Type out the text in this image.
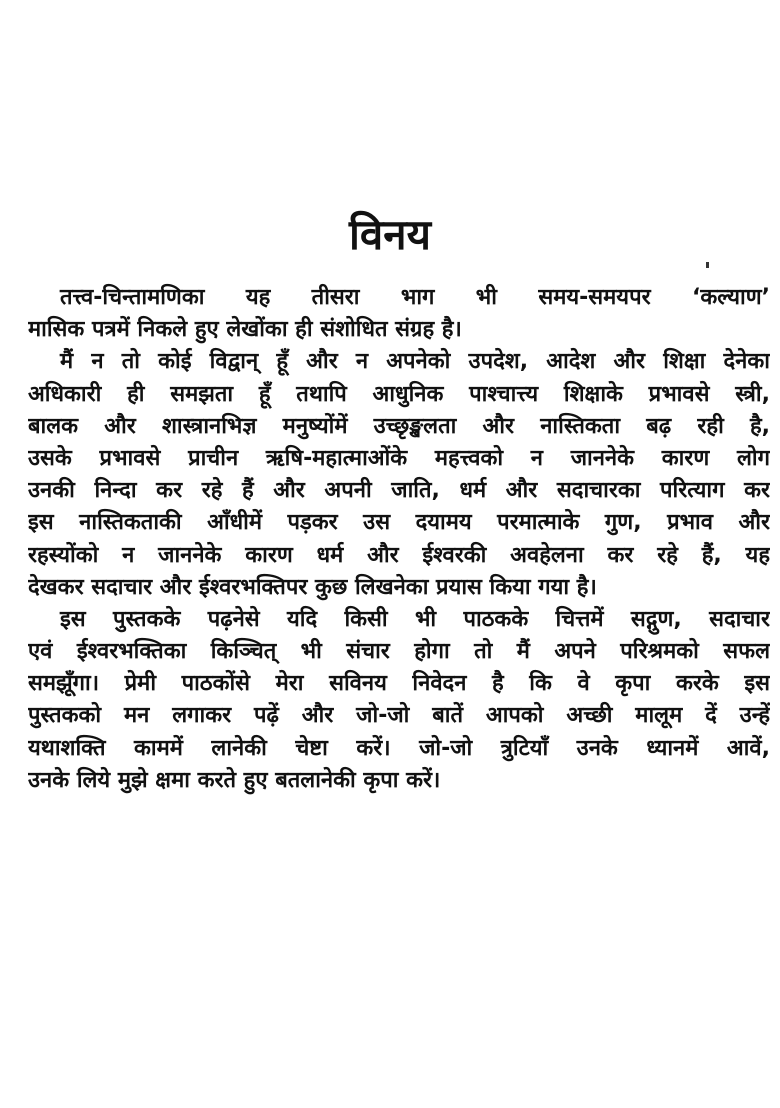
विनय
तत्त्व-चिन्तामणिका यह तीसरा भाग भी समय-समयपर ‘कल्याण’
मासिक पत्रमें निकले हुए लेखोंका ही संशोधित संग्रह है।
मैं न तो कोई विद्वान् हूँ और न अपनेको उपदेश, आदेश और शिक्षा देनेका
अधिकारी ही समझता हूँ तथापि आधुनिक पाश्चात्त्य शिक्षाके प्रभावसे स्त्री,
बालक और शास्त्रानभिज्ञ मनुष्योंमें उच्छृङ्खलता और नास्तिकता बढ़ रही है,
उसके प्रभावसे प्राचीन ऋषि-महात्माओंके महत्त्वको न जाननेके कारण लोग
उनकी निन्दा कर रहे हैं और अपनी जाति, धर्म और सदाचारका परित्याग कर
इस नास्तिकताकी आँधीमें पड़कर उस दयामय परमात्माके गुण, प्रभाव और
रहस्योंको न जाननेके कारण धर्म और ईश्वरकी अवहेलना कर रहे हैं, यह
देखकर सदाचार और ईश्वरभक्तिपर कुछ लिखनेका प्रयास किया गया है।
इस पुस्तकके पढ़नेसे यदि किसी भी पाठकके चित्तमें सद्गुण, सदाचार
एवं ईश्वरभक्तिका किञ्चित् भी संचार होगा तो मैं अपने परिश्रमको सफल
समझूँगा। प्रेमी पाठकोंसे मेरा सविनय निवेदन है कि वे कृपा करके इस
पुस्तकको मन लगाकर पढ़ें और जो-जो बातें आपको अच्छी मालूम दें उन्हें
यथाशक्ति काममें लानेकी चेष्टा करें। जो-जो त्रुटियाँ उनके ध्यानमें आवें,
उनके लिये मुझे क्षमा करते हुए बतलानेकी कृपा करें।
